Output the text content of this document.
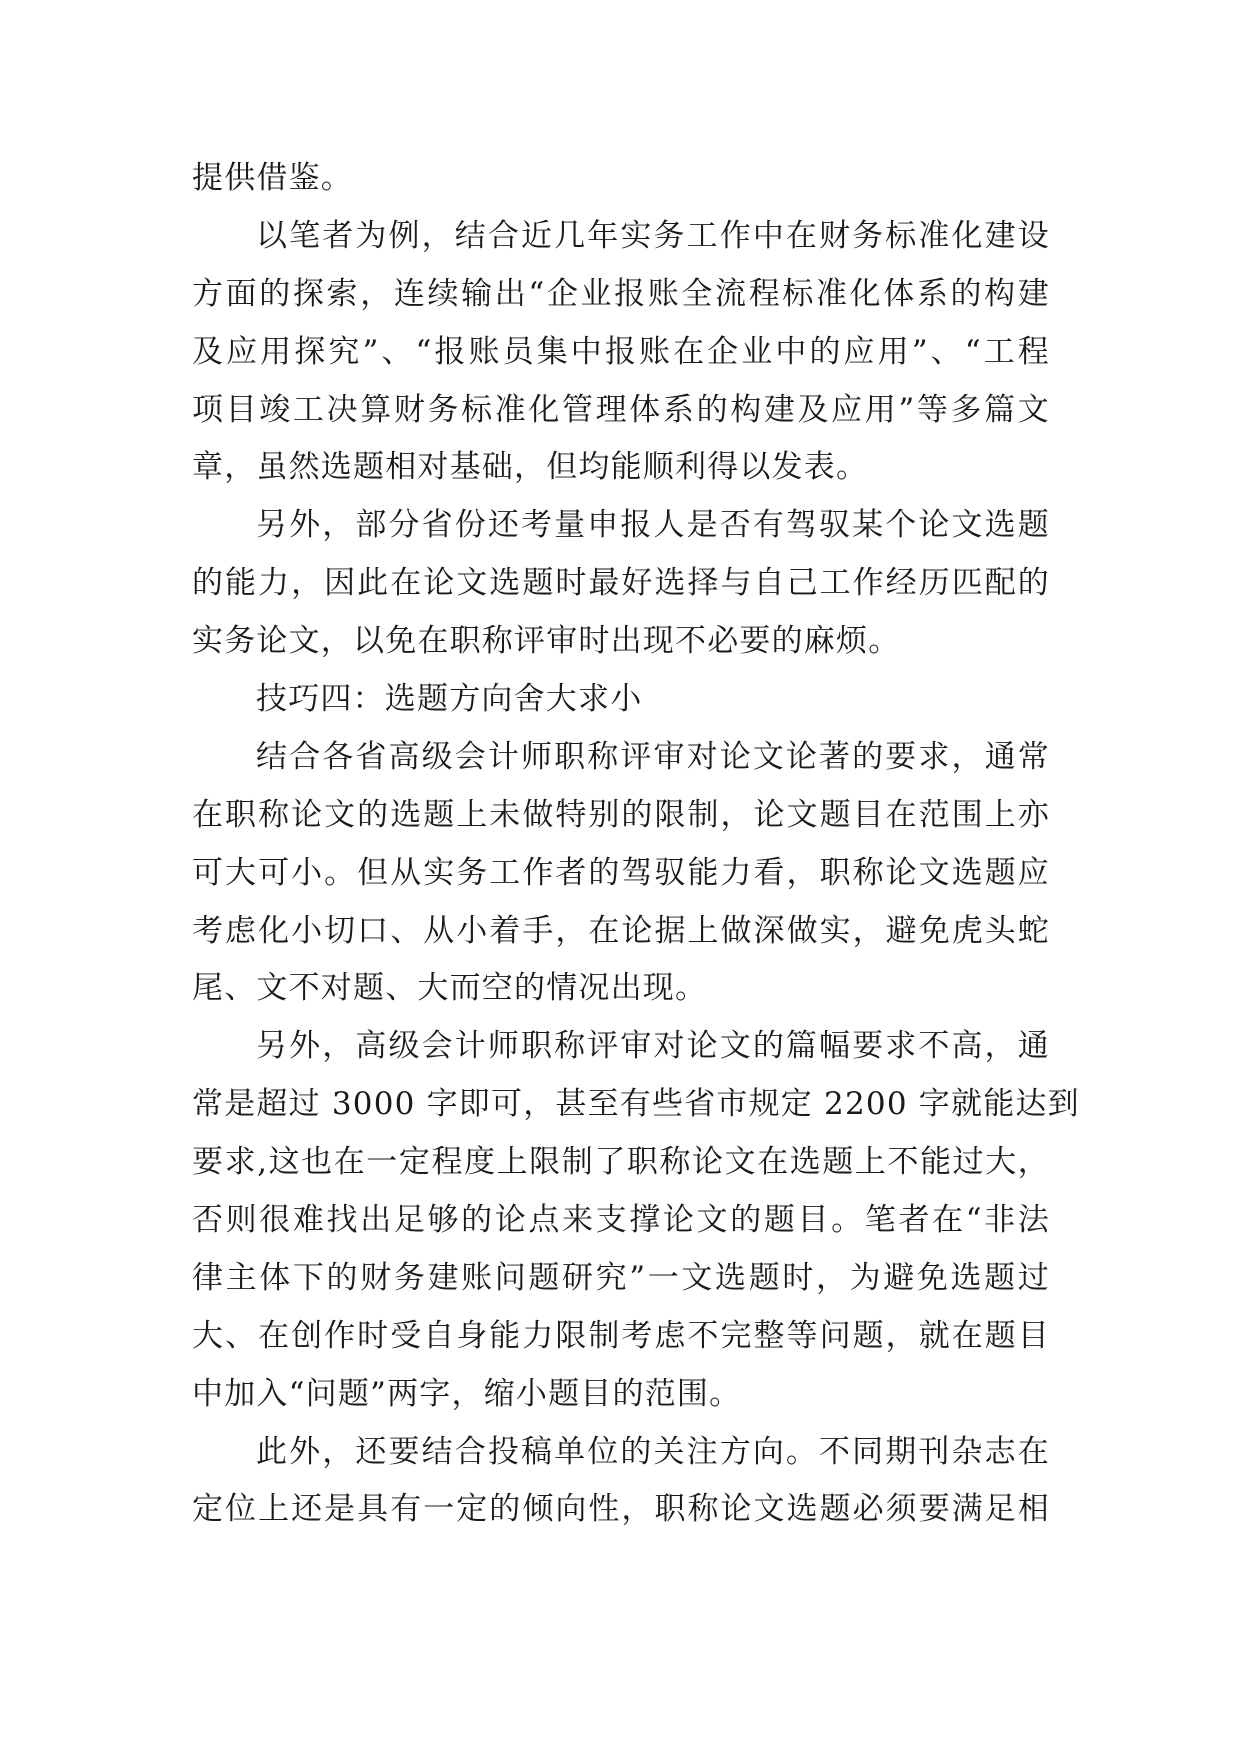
提供借鉴。
以笔者为例，结合近几年实务工作中在财务标准化建设
方面的探索，连续输出“企业报账全流程标准化体系的构建
及应用探究”、“报账员集中报账在企业中的应用”、“工程
项目竣工决算财务标准化管理体系的构建及应用”等多篇文
章，虽然选题相对基础，但均能顺利得以发表。
另外，部分省份还考量申报人是否有驾驭某个论文选题
的能力，因此在论文选题时最好选择与自己工作经历匹配的
实务论文，以免在职称评审时出现不必要的麻烦。
技巧四：选题方向舍大求小
结合各省高级会计师职称评审对论文论著的要求，通常
在职称论文的选题上未做特别的限制，论文题目在范围上亦
可大可小。但从实务工作者的驾驭能力看，职称论文选题应
考虑化小切口、从小着手，在论据上做深做实，避免虎头蛇
尾、文不对题、大而空的情况出现。
另外，高级会计师职称评审对论文的篇幅要求不高，通
常是超过 3000 字即可，甚至有些省市规定 2200 字就能达到
要求,这也在一定程度上限制了职称论文在选题上不能过大，
否则很难找出足够的论点来支撑论文的题目。笔者在“非法
律主体下的财务建账问题研究”一文选题时，为避免选题过
大、在创作时受自身能力限制考虑不完整等问题，就在题目
中加入“问题”两字，缩小题目的范围。
此外，还要结合投稿单位的关注方向。不同期刊杂志在
定位上还是具有一定的倾向性，职称论文选题必须要满足相
